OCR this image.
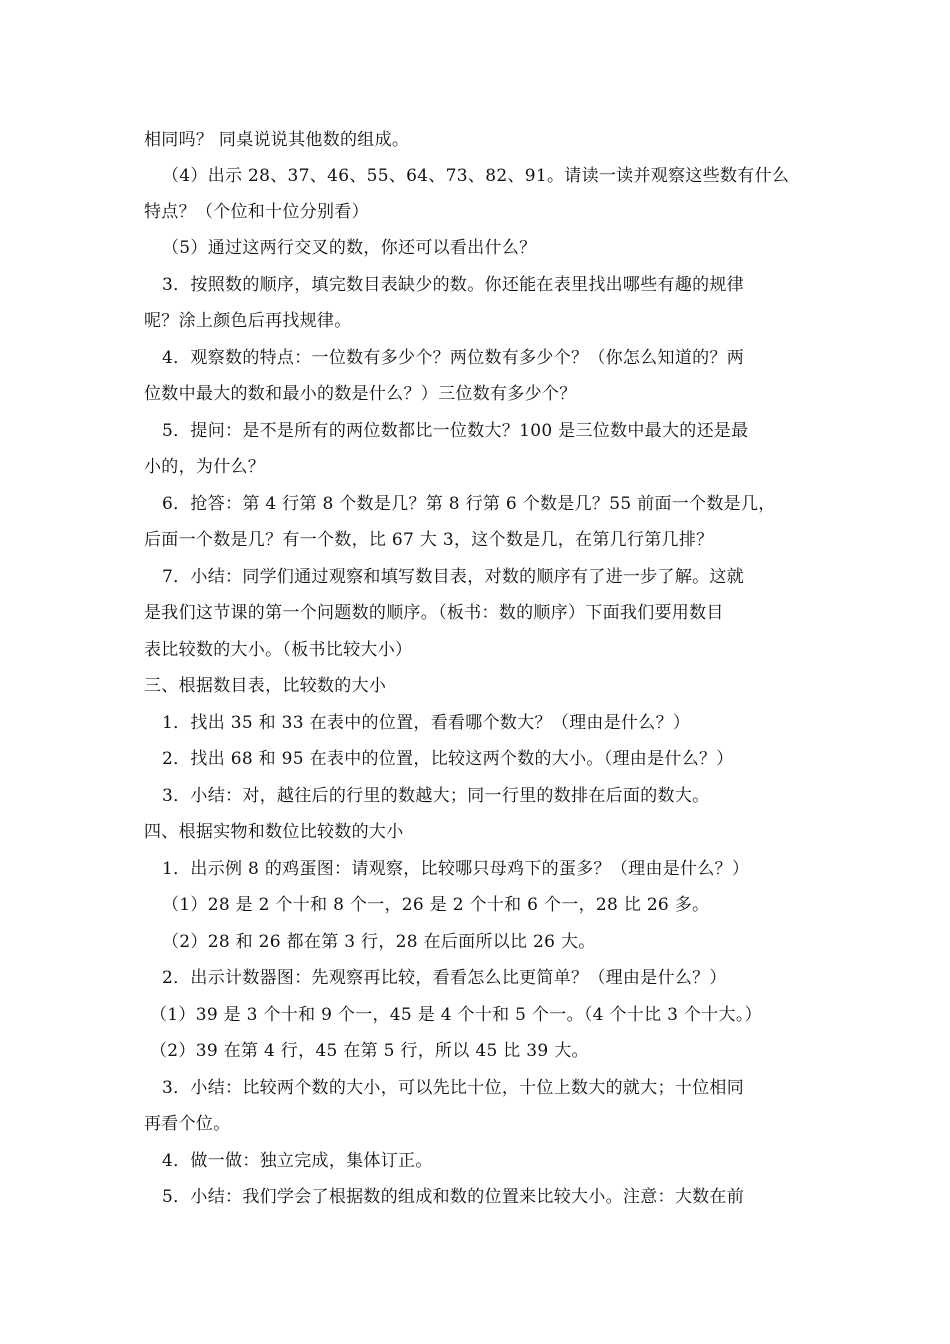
相同吗？ 同桌说说其他数的组成。
（4）出示 28、37、46、55、64、73、82、91。请读一读并观察这些数有什么
特点？（个位和十位分别看）
（5）通过这两行交叉的数，你还可以看出什么？
3．按照数的顺序，填完数目表缺少的数。你还能在表里找出哪些有趣的规律
呢？涂上颜色后再找规律。
4．观察数的特点：一位数有多少个？两位数有多少个？（你怎么知道的？两
位数中最大的数和最小的数是什么？）三位数有多少个？
5．提问：是不是所有的两位数都比一位数大？100 是三位数中最大的还是最
小的，为什么？
6．抢答：第 4 行第 8 个数是几？第 8 行第 6 个数是几？55 前面一个数是几，
后面一个数是几？有一个数，比 67 大 3，这个数是几，在第几行第几排？
7．小结：同学们通过观察和填写数目表，对数的顺序有了进一步了解。这就
是我们这节课的第一个问题数的顺序。（板书：数的顺序）下面我们要用数目
表比较数的大小。（板书比较大小）
三、根据数目表，比较数的大小
1．找出 35 和 33 在表中的位置，看看哪个数大？（理由是什么？）
2．找出 68 和 95 在表中的位置，比较这两个数的大小。（理由是什么？）
3．小结：对，越往后的行里的数越大；同一行里的数排在后面的数大。
四、根据实物和数位比较数的大小
1．出示例 8 的鸡蛋图：请观察，比较哪只母鸡下的蛋多？（理由是什么？）
（1）28 是 2 个十和 8 个一，26 是 2 个十和 6 个一，28 比 26 多。
（2）28 和 26 都在第 3 行，28 在后面所以比 26 大。
2．出示计数器图：先观察再比较，看看怎么比更简单？（理由是什么？）
（1）39 是 3 个十和 9 个一，45 是 4 个十和 5 个一。（4 个十比 3 个十大。）
（2）39 在第 4 行，45 在第 5 行，所以 45 比 39 大。
3．小结：比较两个数的大小，可以先比十位，十位上数大的就大；十位相同
再看个位。
4．做一做：独立完成，集体订正。
5．小结：我们学会了根据数的组成和数的位置来比较大小。注意：大数在前
